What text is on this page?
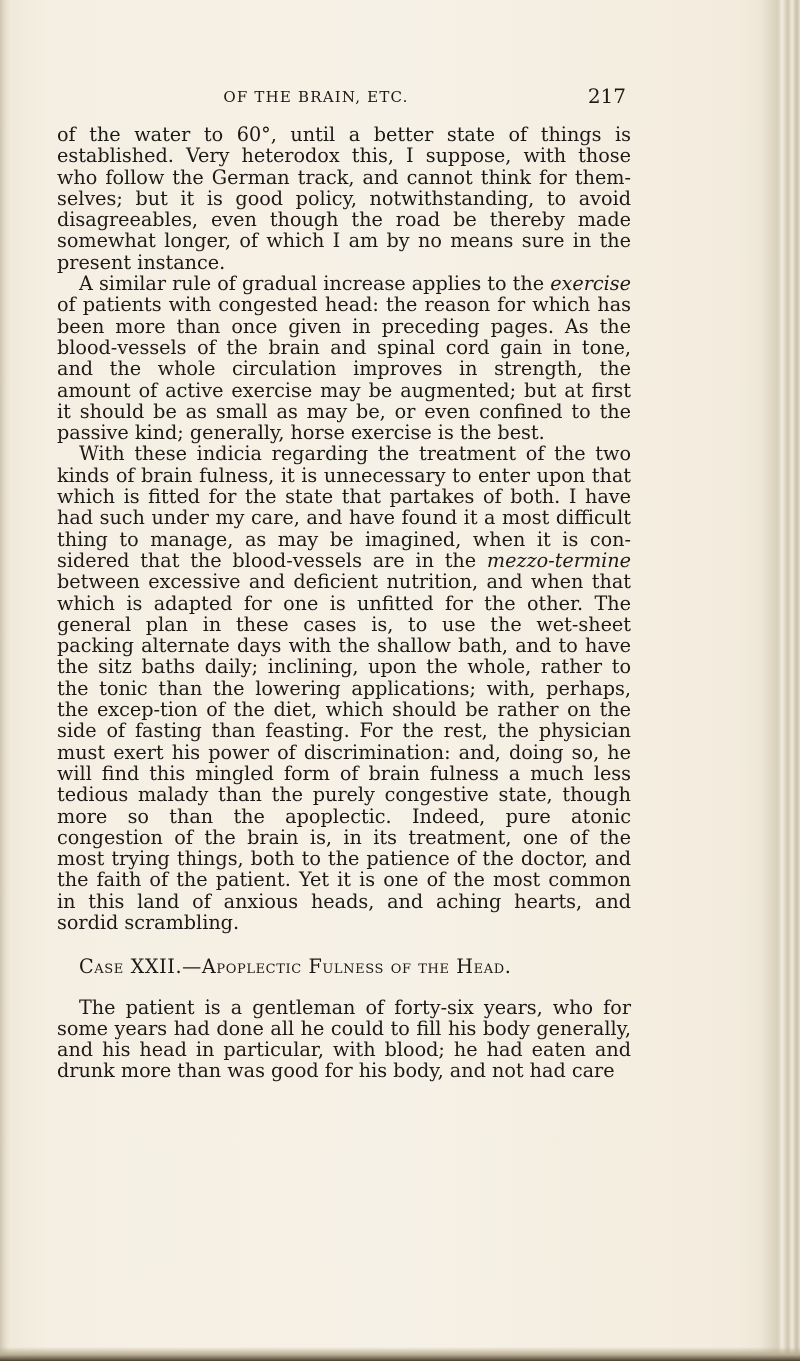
OF THE BRAIN, ETC.	217

of the water to 60°, until a better state of things is established. Very heterodox this, I suppose, with those who follow the German track, and cannot think for them-selves; but it is good policy, notwithstanding, to avoid disagreeables, even though the road be thereby made somewhat longer, of which I am by no means sure in the present instance.

A similar rule of gradual increase applies to the exercise of patients with congested head: the reason for which has been more than once given in preceding pages. As the blood-vessels of the brain and spinal cord gain in tone, and the whole circulation improves in strength, the amount of active exercise may be augmented; but at first it should be as small as may be, or even confined to the passive kind; generally, horse exercise is the best.

With these indicia regarding the treatment of the two kinds of brain fulness, it is unnecessary to enter upon that which is fitted for the state that partakes of both. I have had such under my care, and have found it a most difficult thing to manage, as may be imagined, when it is con-sidered that the blood-vessels are in the mezzo-termine between excessive and deficient nutrition, and when that which is adapted for one is unfitted for the other. The general plan in these cases is, to use the wet-sheet packing alternate days with the shallow bath, and to have the sitz baths daily; inclining, upon the whole, rather to the tonic than the lowering applications; with, perhaps, the excep-tion of the diet, which should be rather on the side of fasting than feasting. For the rest, the physician must exert his power of discrimination: and, doing so, he will find this mingled form of brain fulness a much less tedious malady than the purely congestive state, though more so than the apoplectic. Indeed, pure atonic congestion of the brain is, in its treatment, one of the most trying things, both to the patience of the doctor, and the faith of the patient. Yet it is one of the most common in this land of anxious heads, and aching hearts, and sordid scrambling.

Case XXII.—Apoplectic Fulness of the Head.

The patient is a gentleman of forty-six years, who for some years had done all he could to fill his body generally, and his head in particular, with blood; he had eaten and drunk more than was good for his body, and not had care
